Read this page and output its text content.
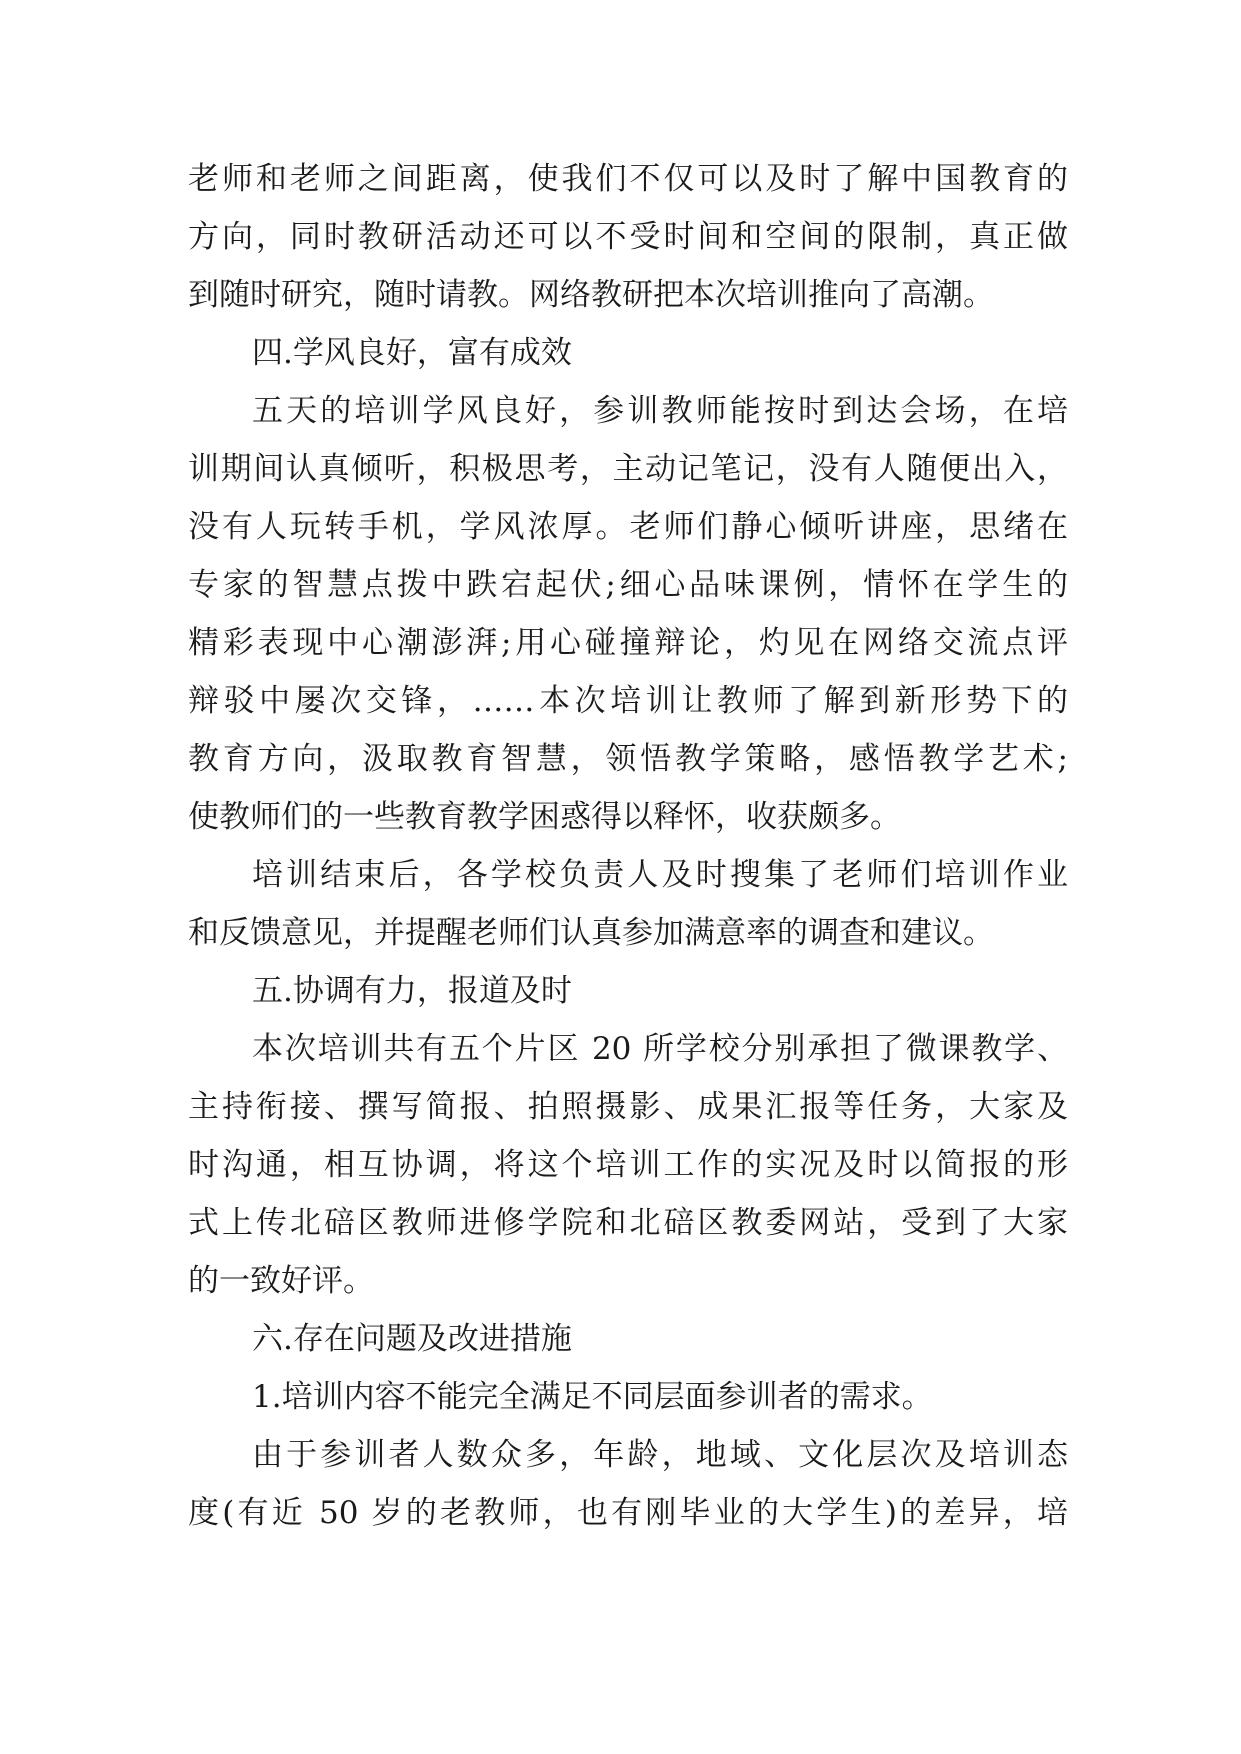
老师和老师之间距离，使我们不仅可以及时了解中国教育的
方向，同时教研活动还可以不受时间和空间的限制，真正做
到随时研究，随时请教。网络教研把本次培训推向了高潮。
四.学风良好，富有成效
五天的培训学风良好，参训教师能按时到达会场，在培
训期间认真倾听，积极思考，主动记笔记，没有人随便出入，
没有人玩转手机，学风浓厚。老师们静心倾听讲座，思绪在
专家的智慧点拨中跌宕起伏;细心品味课例，情怀在学生的
精彩表现中心潮澎湃;用心碰撞辩论，灼见在网络交流点评
辩驳中屡次交锋，……本次培训让教师了解到新形势下的
教育方向，汲取教育智慧，领悟教学策略，感悟教学艺术;
使教师们的一些教育教学困惑得以释怀，收获颇多。
培训结束后，各学校负责人及时搜集了老师们培训作业
和反馈意见，并提醒老师们认真参加满意率的调查和建议。
五.协调有力，报道及时
本次培训共有五个片区 20 所学校分别承担了微课教学、
主持衔接、撰写简报、拍照摄影、成果汇报等任务，大家及
时沟通，相互协调，将这个培训工作的实况及时以简报的形
式上传北碚区教师进修学院和北碚区教委网站，受到了大家
的一致好评。
六.存在问题及改进措施
1.培训内容不能完全满足不同层面参训者的需求。
由于参训者人数众多，年龄，地域、文化层次及培训态
度(有近 50 岁的老教师，也有刚毕业的大学生)的差异，培
